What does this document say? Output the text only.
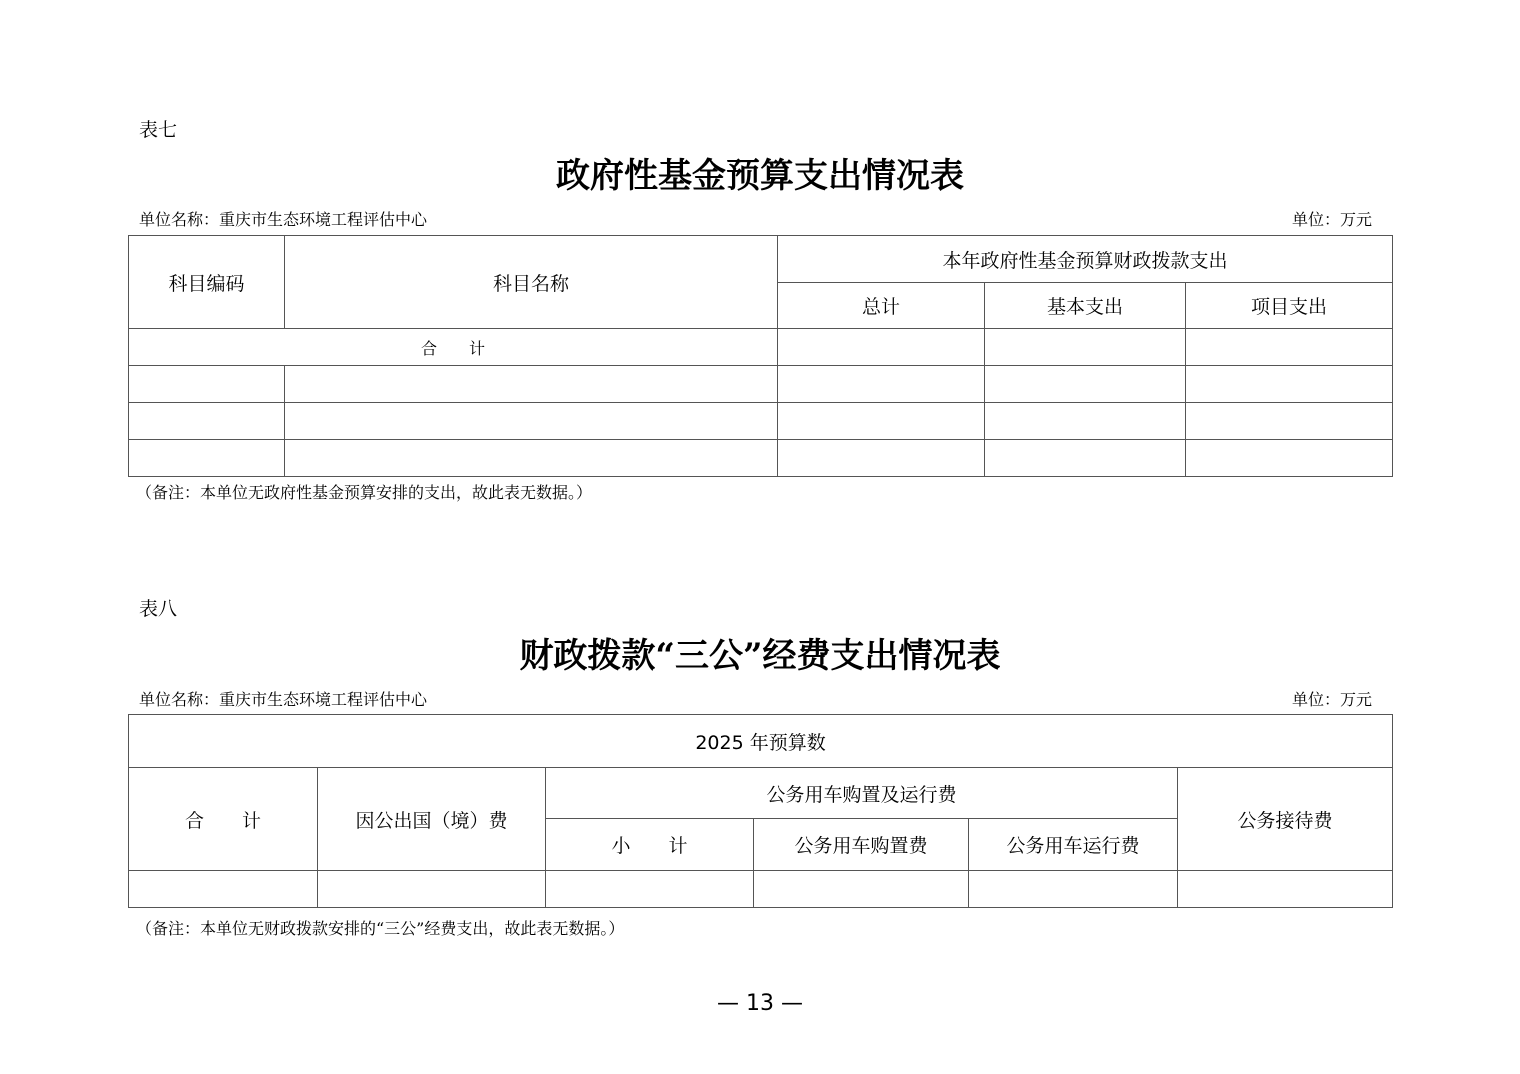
表七
政府性基金预算支出情况表
单位名称：重庆市生态环境工程评估中心	单位：万元
科目编码	科目名称	本年政府性基金预算财政拨款支出		
		总计	基本支出	项目支出
合　　计				

（备注：本单位无政府性基金预算安排的支出，故此表无数据。）
表八
财政拨款“三公”经费支出情况表
单位名称：重庆市生态环境工程评估中心	单位：万元
2025 年预算数					
合　　计	因公出国（境）费	公务用车购置及运行费			公务接待费
		小　　计	公务用车购置费	公务用车运行费	

（备注：本单位无财政拨款安排的“三公”经费支出，故此表无数据。）
— 13 —
